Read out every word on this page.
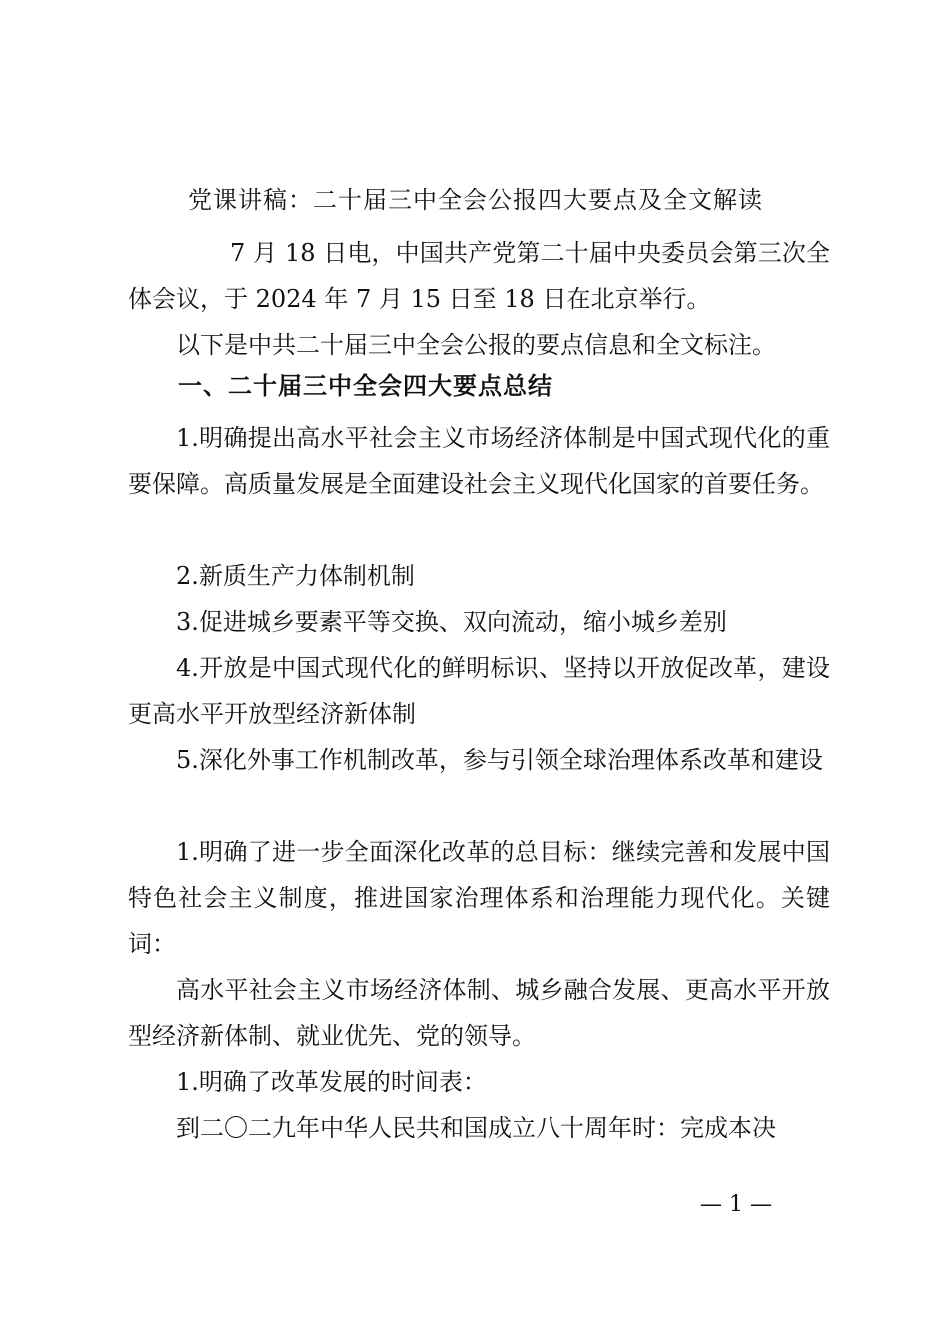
党课讲稿：二十届三中全会公报四大要点及全文解读

7 月 18 日电，中国共产党第二十届中央委员会第三次全体会议，于 2024 年 7 月 15 日至 18 日在北京举行。

以下是中共二十届三中全会公报的要点信息和全文标注。

一、二十届三中全会四大要点总结

1.明确提出高水平社会主义市场经济体制是中国式现代化的重要保障。高质量发展是全面建设社会主义现代化国家的首要任务。

2.新质生产力体制机制

3.促进城乡要素平等交换、双向流动，缩小城乡差别

4.开放是中国式现代化的鲜明标识、坚持以开放促改革，建设更高水平开放型经济新体制

5.深化外事工作机制改革，参与引领全球治理体系改革和建设

1.明确了进一步全面深化改革的总目标：继续完善和发展中国特色社会主义制度，推进国家治理体系和治理能力现代化。关键词：

高水平社会主义市场经济体制、城乡融合发展、更高水平开放型经济新体制、就业优先、党的领导。

1.明确了改革发展的时间表：

到二〇二九年中华人民共和国成立八十周年时：完成本决

— 1 —
